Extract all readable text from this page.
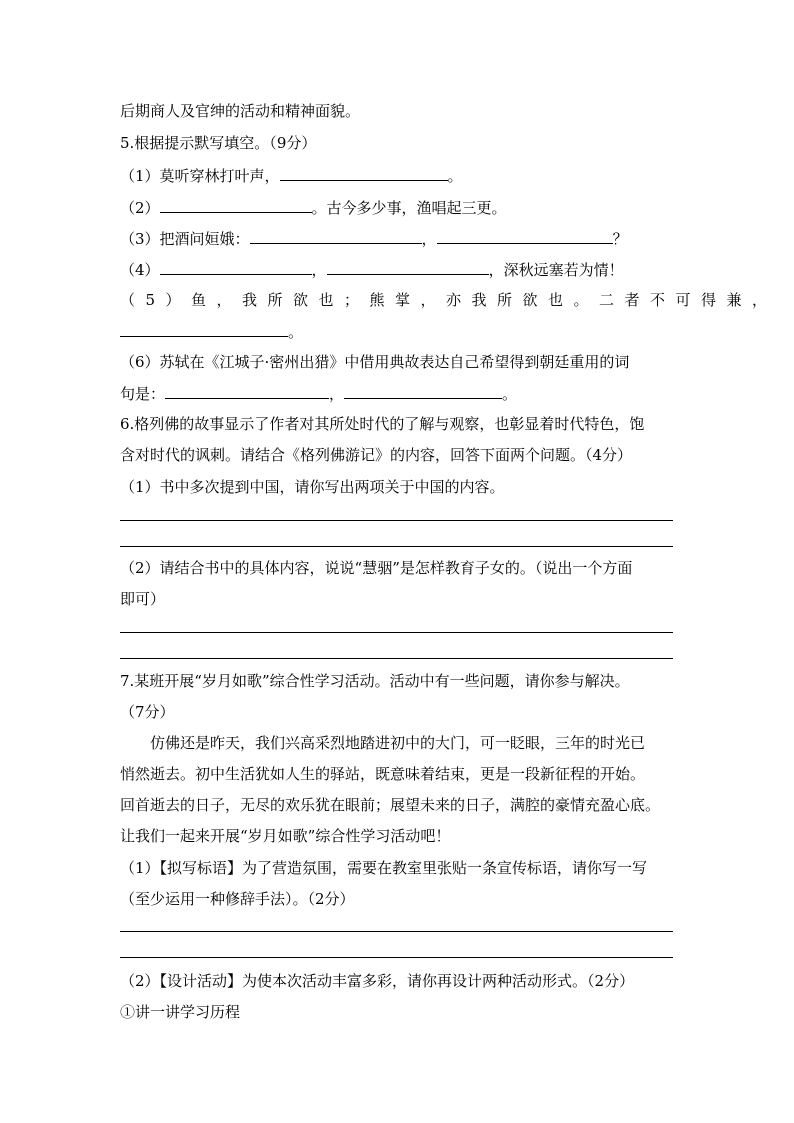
后期商人及官绅的活动和精神面貌。
5.根据提示默写填空。（9分）
（1）莫听穿林打叶声，	。
（2）	。古今多少事，渔唱起三更。
（3）把酒问姮娥：	，	？
（4）	，	，深秋远塞若为情！
（5）鱼，我所欲也；熊掌，亦我所欲也。二者不可得兼，
。
（6）苏轼在《江城子·密州出猎》中借用典故表达自己希望得到朝廷重用的词
句是：	，	。
6.格列佛的故事显示了作者对其所处时代的了解与观察，也彰显着时代特色，饱
含对时代的讽刺。请结合《格列佛游记》的内容，回答下面两个问题。（4分）
（1）书中多次提到中国，请你写出两项关于中国的内容。
（2）请结合书中的具体内容，说说“慧骃”是怎样教育子女的。（说出一个方面
即可）
7.某班开展“岁月如歌”综合性学习活动。活动中有一些问题，请你参与解决。
（7分）
仿佛还是昨天，我们兴高采烈地踏进初中的大门，可一眨眼，三年的时光已
悄然逝去。初中生活犹如人生的驿站，既意味着结束，更是一段新征程的开始。
回首逝去的日子，无尽的欢乐犹在眼前；展望未来的日子，满腔的豪情充盈心底。
让我们一起来开展“岁月如歌”综合性学习活动吧！
（1）【拟写标语】为了营造氛围，需要在教室里张贴一条宣传标语，请你写一写
（至少运用一种修辞手法）。（2分）
（2）【设计活动】为使本次活动丰富多彩，请你再设计两种活动形式。（2分）
①讲一讲学习历程
